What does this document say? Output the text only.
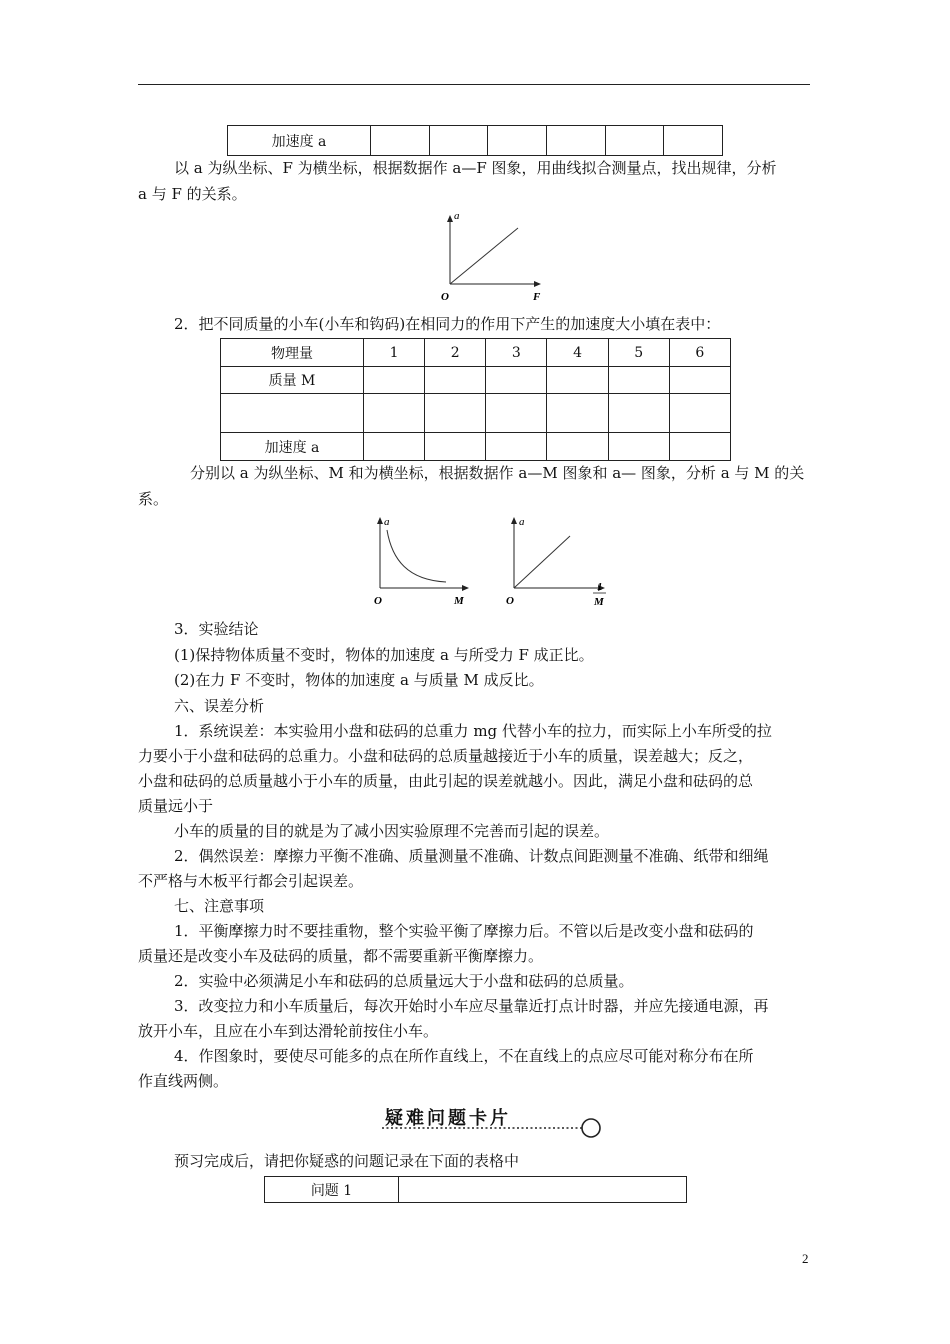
加速度 a						
以 a 为纵坐标、F 为横坐标，根据数据作 a—F 图象，用曲线拟合测量点，找出规律，分析
a 与 F 的关系。
a
O	F
2．把不同质量的小车(小车和钩码)在相同力的作用下产生的加速度大小填在表中：
物理量	1	2	3	4	5	6
质量 M						

加速度 a						
分别以 a 为纵坐标、M 和为横坐标，根据数据作 a—M 图象和 a— 图象，分析 a 与 M 的关
系。
a
O	M
a
O
1
M
3．实验结论
(1)保持物体质量不变时，物体的加速度 a 与所受力 F 成正比。
(2)在力 F 不变时，物体的加速度 a 与质量 M 成反比。
六、误差分析
1．系统误差：本实验用小盘和砝码的总重力 mg 代替小车的拉力，而实际上小车所受的拉
力要小于小盘和砝码的总重力。小盘和砝码的总质量越接近于小车的质量，误差越大；反之，
小盘和砝码的总质量越小于小车的质量，由此引起的误差就越小。因此，满足小盘和砝码的总
质量远小于
小车的质量的目的就是为了减小因实验原理不完善而引起的误差。
2．偶然误差：摩擦力平衡不准确、质量测量不准确、计数点间距测量不准确、纸带和细绳
不严格与木板平行都会引起误差。
七、注意事项
1．平衡摩擦力时不要挂重物，整个实验平衡了摩擦力后。不管以后是改变小盘和砝码的
质量还是改变小车及砝码的质量，都不需要重新平衡摩擦力。
2．实验中必须满足小车和砝码的总质量远大于小盘和砝码的总质量。
3．改变拉力和小车质量后，每次开始时小车应尽量靠近打点计时器，并应先接通电源，再
放开小车，且应在小车到达滑轮前按住小车。
4．作图象时，要使尽可能多的点在所作直线上，不在直线上的点应尽可能对称分布在所
作直线两侧。
疑难问题卡片
预习完成后，请把你疑惑的问题记录在下面的表格中
问题 1	
2
